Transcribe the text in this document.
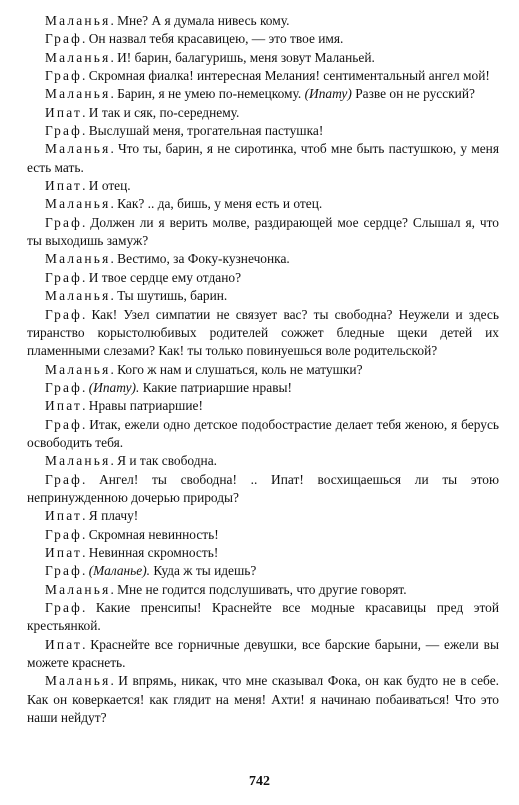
Маланья. Мне? А я думала нивесь кому.

Граф. Он назвал тебя красавицею, — это твое имя.

Маланья. И! барин, балагуришь, меня зовут Маланьей.

Граф. Скромная фиалка! интересная Мелания! сентиментальный ангел мой!

Маланья. Барин, я не умею по-немецкому. (Ипату) Разве он не русский?

Ипат. И так и сяк, по-середнему.

Граф. Выслушай меня, трогательная пастушка!

Маланья. Что ты, барин, я не сиротинка, чтоб мне быть пастушкою, у меня есть мать.

Ипат. И отец.

Маланья. Как? .. да, бишь, у меня есть и отец.

Граф. Должен ли я верить молве, раздирающей мое сердце? Слышал я, что ты выходишь замуж?

Маланья. Вестимо, за Фоку-кузнечонка.

Граф. И твое сердце ему отдано?

Маланья. Ты шутишь, барин.

Граф. Как! Узел симпатии не связует вас? ты свободна? Неужели и здесь тиранство корыстолюбивых родителей сожжет бледные щеки детей их пламенными слезами? Как! ты только повинуешься воле родительской?

Маланья. Кого ж нам и слушаться, коль не матушки?

Граф. (Ипату). Какие патриаршие нравы!

Ипат. Нравы патриаршие!

Граф. Итак, ежели одно детское подобострастие делает тебя женою, я берусь освободить тебя.

Маланья. Я и так свободна.

Граф. Ангел! ты свободна! .. Ипат! восхищаешься ли ты этою непринужденною дочерью природы?

Ипат. Я плачу!

Граф. Скромная невинность!

Ипат. Невинная скромность!

Граф. (Маланье). Куда ж ты идешь?

Маланья. Мне не годится подслушивать, что другие говорят.

Граф. Какие пренсипы! Краснейте все модные красавицы пред этой крестьянкой.

Ипат. Краснейте все горничные девушки, все барские барыни, — ежели вы можете краснеть.

Маланья. И впрямь, никак, что мне сказывал Фока, он как будто не в себе. Как он коверкается! как глядит на меня! Ахти! я начинаю побаиваться! Что это наши нейдут?

742
